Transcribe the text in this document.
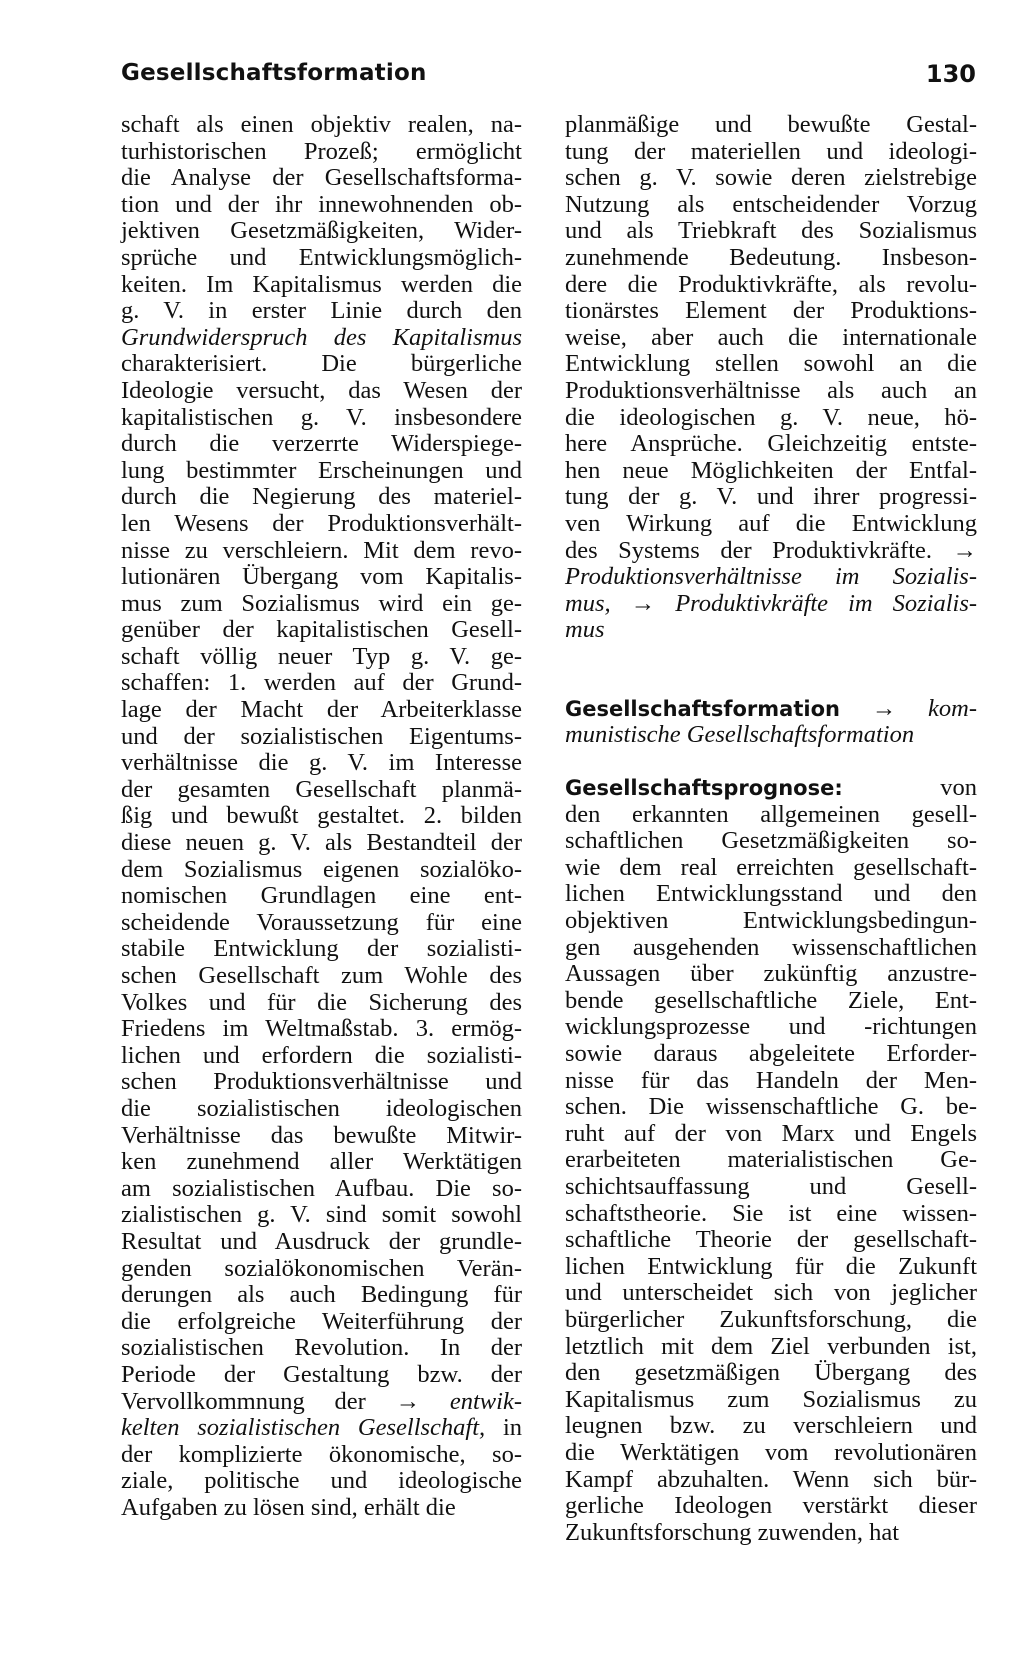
Gesellschaftsformation	130
schaft als einen objektiv realen, na-
turhistorischen Prozeß; ermöglicht
die Analyse der Gesellschaftsforma-
tion und der ihr innewohnenden ob-
jektiven Gesetzmäßigkeiten, Wider-
sprüche und Entwicklungsmöglich-
keiten. Im Kapitalismus werden die
g. V. in erster Linie durch den
Grundwiderspruch des Kapitalismus
charakterisiert. Die bürgerliche
Ideologie versucht, das Wesen der
kapitalistischen g. V. insbesondere
durch die verzerrte Widerspiege-
lung bestimmter Erscheinungen und
durch die Negierung des materiel-
len Wesens der Produktionsverhält-
nisse zu verschleiern. Mit dem revo-
lutionären Übergang vom Kapitalis-
mus zum Sozialismus wird ein ge-
genüber der kapitalistischen Gesell-
schaft völlig neuer Typ g. V. ge-
schaffen: 1. werden auf der Grund-
lage der Macht der Arbeiterklasse
und der sozialistischen Eigentums-
verhältnisse die g. V. im Interesse
der gesamten Gesellschaft planmä-
ßig und bewußt gestaltet. 2. bilden
diese neuen g. V. als Bestandteil der
dem Sozialismus eigenen sozialöko-
nomischen Grundlagen eine ent-
scheidende Voraussetzung für eine
stabile Entwicklung der sozialisti-
schen Gesellschaft zum Wohle des
Volkes und für die Sicherung des
Friedens im Weltmaßstab. 3. ermög-
lichen und erfordern die sozialisti-
schen Produktionsverhältnisse und
die sozialistischen ideologischen
Verhältnisse das bewußte Mitwir-
ken zunehmend aller Werktätigen
am sozialistischen Aufbau. Die so-
zialistischen g. V. sind somit sowohl
Resultat und Ausdruck der grundle-
genden sozialökonomischen Verän-
derungen als auch Bedingung für
die erfolgreiche Weiterführung der
sozialistischen Revolution. In der
Periode der Gestaltung bzw. der
Vervollkommnung der → entwik-
kelten sozialistischen Gesellschaft, in
der komplizierte ökonomische, so-
ziale, politische und ideologische
Aufgaben zu lösen sind, erhält die
planmäßige und bewußte Gestal-
tung der materiellen und ideologi-
schen g. V. sowie deren zielstrebige
Nutzung als entscheidender Vorzug
und als Triebkraft des Sozialismus
zunehmende Bedeutung. Insbeson-
dere die Produktivkräfte, als revolu-
tionärstes Element der Produktions-
weise, aber auch die internationale
Entwicklung stellen sowohl an die
Produktionsverhältnisse als auch an
die ideologischen g. V. neue, hö-
here Ansprüche. Gleichzeitig entste-
hen neue Möglichkeiten der Entfal-
tung der g. V. und ihrer progressi-
ven Wirkung auf die Entwicklung
des Systems der Produktivkräfte. →
Produktionsverhältnisse im Sozialis-
mus, → Produktivkräfte im Sozialis-
mus
Gesellschaftsformation → kom-
munistische Gesellschaftsformation
Gesellschaftsprognose:	von
den erkannten allgemeinen gesell-
schaftlichen Gesetzmäßigkeiten so-
wie dem real erreichten gesellschaft-
lichen Entwicklungsstand und den
objektiven Entwicklungsbedingun-
gen ausgehenden wissenschaftlichen
Aussagen über zukünftig anzustre-
bende gesellschaftliche Ziele, Ent-
wicklungsprozesse und -richtungen
sowie daraus abgeleitete Erforder-
nisse für das Handeln der Men-
schen. Die wissenschaftliche G. be-
ruht auf der von Marx und Engels
erarbeiteten materialistischen Ge-
schichtsauffassung und Gesell-
schaftstheorie. Sie ist eine wissen-
schaftliche Theorie der gesellschaft-
lichen Entwicklung für die Zukunft
und unterscheidet sich von jeglicher
bürgerlicher Zukunftsforschung, die
letztlich mit dem Ziel verbunden ist,
den gesetzmäßigen Übergang des
Kapitalismus zum Sozialismus zu
leugnen bzw. zu verschleiern und
die Werktätigen vom revolutionären
Kampf abzuhalten. Wenn sich bür-
gerliche Ideologen verstärkt dieser
Zukunftsforschung zuwenden, hat
